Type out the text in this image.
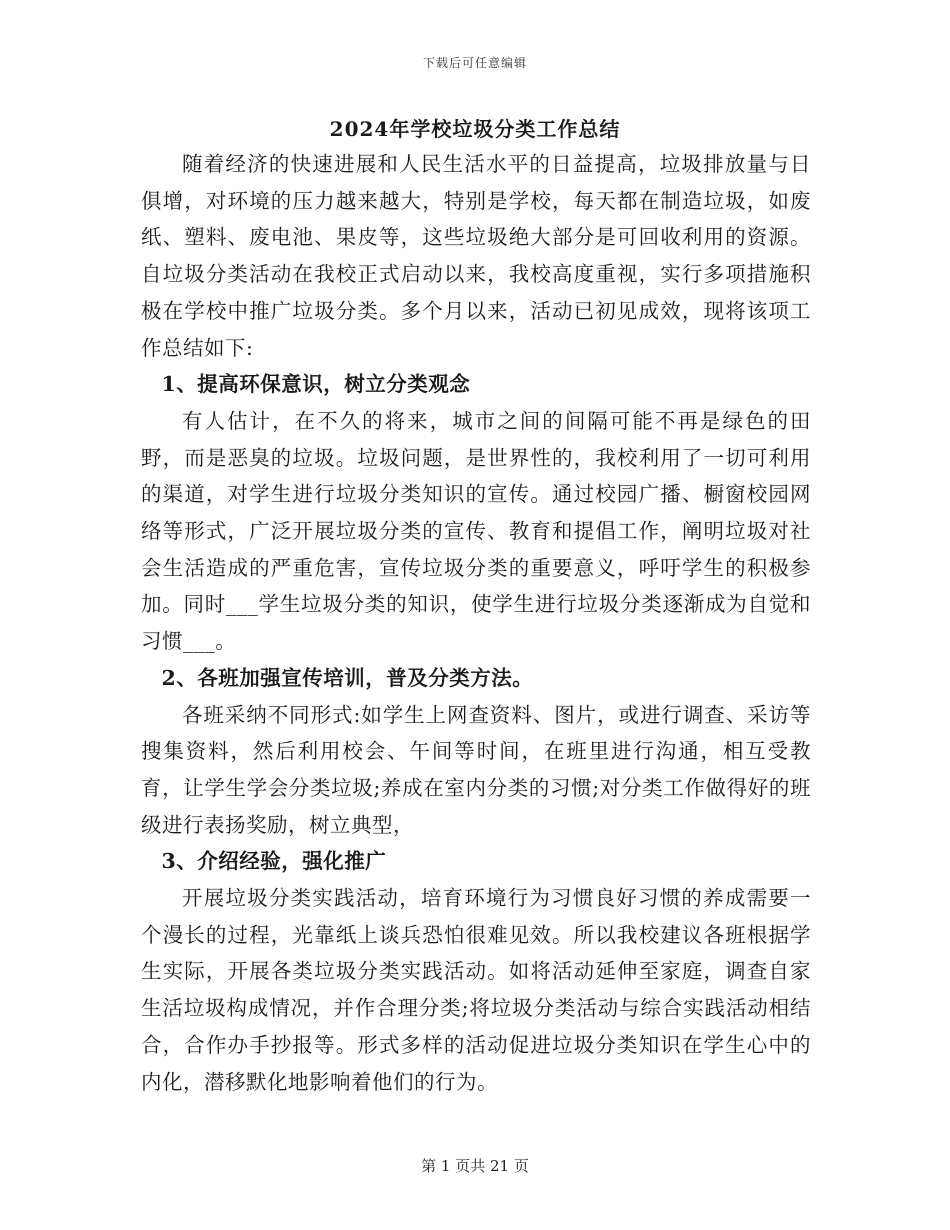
下载后可任意编辑
2024年学校垃圾分类工作总结

随着经济的快速进展和人民生活水平的日益提高，垃圾排放量与日俱增，对环境的压力越来越大，特别是学校，每天都在制造垃圾，如废纸、塑料、废电池、果皮等，这些垃圾绝大部分是可回收利用的资源。自垃圾分类活动在我校正式启动以来，我校高度重视，实行多项措施积极在学校中推广垃圾分类。多个月以来，活动已初见成效，现将该项工作总结如下:

1、提高环保意识，树立分类观念

有人估计，在不久的将来，城市之间的间隔可能不再是绿色的田野，而是恶臭的垃圾。垃圾问题，是世界性的，我校利用了一切可利用的渠道，对学生进行垃圾分类知识的宣传。通过校园广播、橱窗校园网络等形式，广泛开展垃圾分类的宣传、教育和提倡工作，阐明垃圾对社会生活造成的严重危害，宣传垃圾分类的重要意义，呼吁学生的积极参加。同时___学生垃圾分类的知识，使学生进行垃圾分类逐渐成为自觉和习惯___。

2、各班加强宣传培训，普及分类方法。

各班采纳不同形式:如学生上网查资料、图片，或进行调查、采访等搜集资料，然后利用校会、午间等时间，在班里进行沟通，相互受教育，让学生学会分类垃圾;养成在室内分类的习惯;对分类工作做得好的班级进行表扬奖励，树立典型，

3、介绍经验，强化推广

开展垃圾分类实践活动，培育环境行为习惯良好习惯的养成需要一个漫长的过程，光靠纸上谈兵恐怕很难见效。所以我校建议各班根据学生实际，开展各类垃圾分类实践活动。如将活动延伸至家庭，调查自家生活垃圾构成情况，并作合理分类;将垃圾分类活动与综合实践活动相结合，合作办手抄报等。形式多样的活动促进垃圾分类知识在学生心中的内化，潜移默化地影响着他们的行为。

第 1 页共 21 页
